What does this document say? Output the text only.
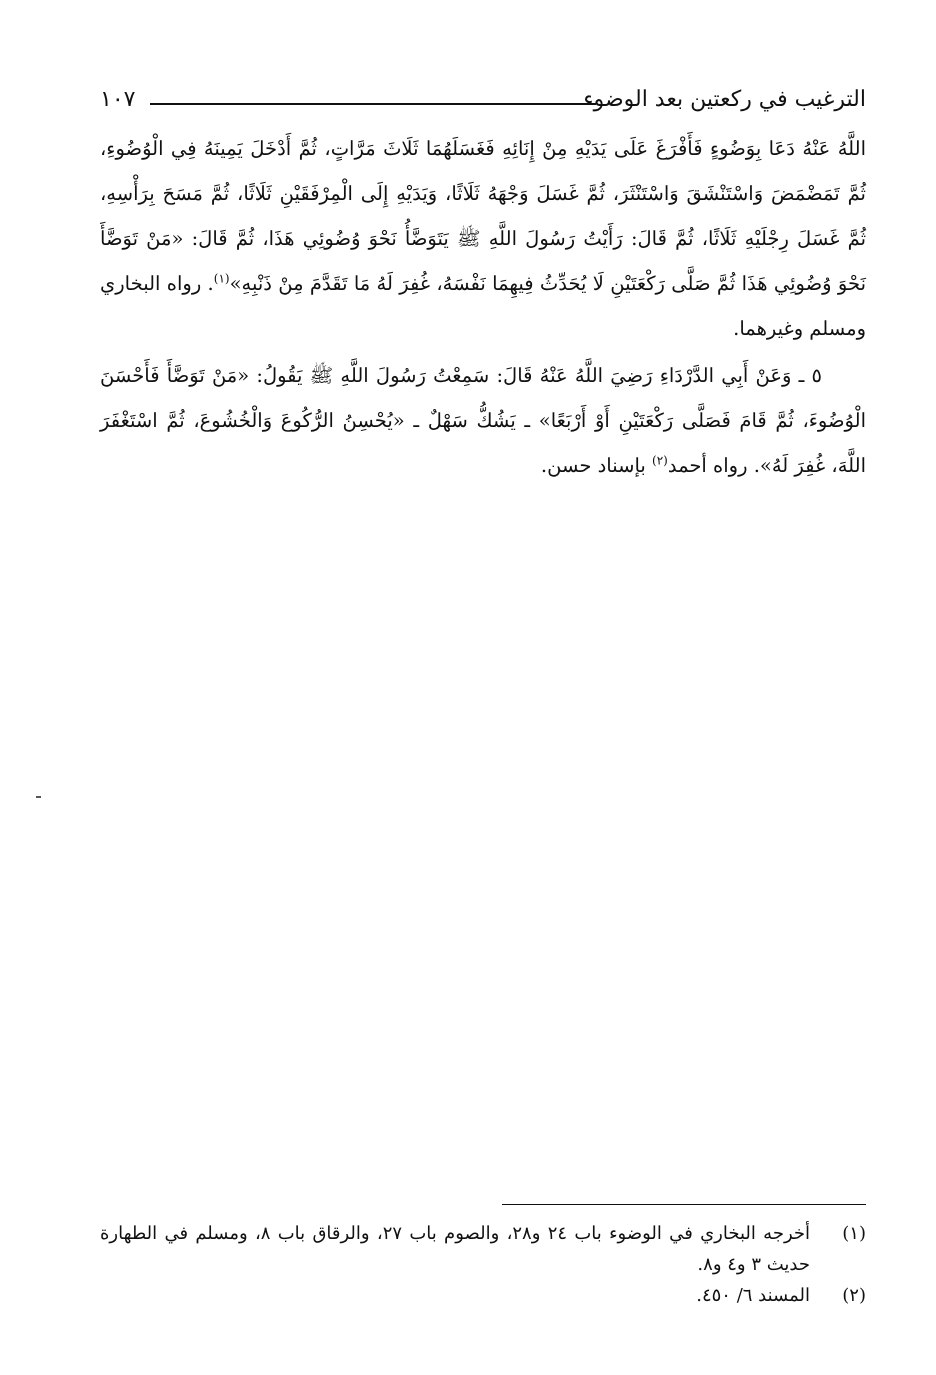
الترغيب في ركعتين بعد الوضوء
١٠٧

اللَّهُ عَنْهُ دَعَا بِوَضُوءٍ فَأَفْرَغَ عَلَى يَدَيْهِ مِنْ إِنَائِهِ فَغَسَلَهُمَا ثَلَاثَ مَرَّاتٍ، ثُمَّ أَدْخَلَ يَمِينَهُ فِي الْوُضُوءِ، ثُمَّ تَمَضْمَضَ وَاسْتَنْشَقَ وَاسْتَنْثَرَ، ثُمَّ غَسَلَ وَجْهَهُ ثَلَاثًا، وَيَدَيْهِ إِلَى الْمِرْفَقَيْنِ ثَلَاثًا، ثُمَّ مَسَحَ بِرَأْسِهِ، ثُمَّ غَسَلَ رِجْلَيْهِ ثَلَاثًا، ثُمَّ قَالَ: رَأَيْتُ رَسُولَ اللَّهِ ﷺ يَتَوَضَّأُ نَحْوَ وُضُوئِي هَذَا، ثُمَّ قَالَ: «مَنْ تَوَضَّأَ نَحْوَ وُضُوئِي هَذَا ثُمَّ صَلَّى رَكْعَتَيْنِ لَا يُحَدِّثُ فِيهِمَا نَفْسَهُ، غُفِرَ لَهُ مَا تَقَدَّمَ مِنْ ذَنْبِهِ»$^{(١)}$. رواه البخاري ومسلم وغيرهما.

٥ ـ وَعَنْ أَبِي الدَّرْدَاءِ رَضِيَ اللَّهُ عَنْهُ قَالَ: سَمِعْتُ رَسُولَ اللَّهِ ﷺ يَقُولُ: «مَنْ تَوَضَّأَ فَأَحْسَنَ الْوُضُوءَ، ثُمَّ قَامَ فَصَلَّى رَكْعَتَيْنِ أَوْ أَرْبَعًا» ـ يَشُكُّ سَهْلٌ ـ «يُحْسِنُ الرُّكُوعَ وَالْخُشُوعَ، ثُمَّ اسْتَغْفَرَ اللَّهَ، غُفِرَ لَهُ». رواه أحمد$^{(٢)}$ بإسناد حسن.

(١)
أخرجه البخاري في الوضوء باب ٢٤ و٢٨، والصوم باب ٢٧، والرقاق باب ٨، ومسلم في الطهارة حديث ٣ و٤ و٨.
(٢)
المسند ٦/ ٤٥٠.
